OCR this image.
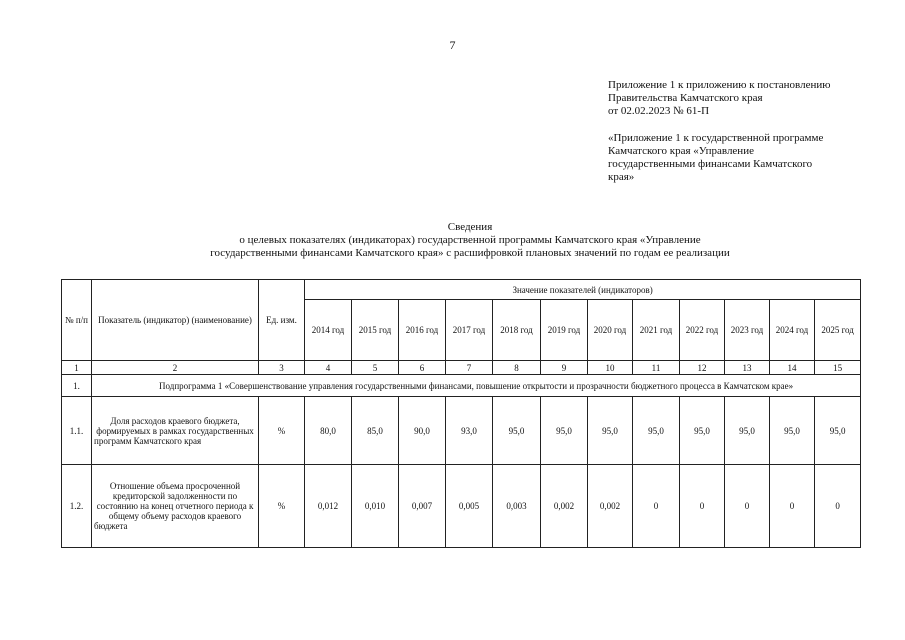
7
Приложение 1 к приложению к постановлению
Правительства Камчатского края
от 02.02.2023 № 61-П
«Приложение 1 к государственной программе
Камчатского края «Управление
государственными финансами Камчатского
края»
Сведения
о целевых показателях (индикаторах) государственной программы Камчатского края «Управление
государственными финансами Камчатского края» с расшифровкой плановых значений по годам ее реализации
№ п/п	Показатель (индикатор) (наименование)	Ед. изм.	Значение показателей (индикаторов)											
			2014 год	2015 год	2016 год	2017 год	2018 год	2019 год	2020 год	2021 год	2022 год	2023 год	2024 год	2025 год
1	2	3	4	5	6	7	8	9	10	11	12	13	14	15
1.	Подпрограмма 1 «Совершенствование управления государственными финансами, повышение открытости и прозрачности бюджетного процесса в Камчатском крае»													
1.1.	Доля расходов краевого бюджета, формируемых в рамках государственных программ Камчатского края	%	80,0	85,0	90,0	93,0	95,0	95,0	95,0	95,0	95,0	95,0	95,0	95,0
1.2.	Отношение объема просроченной кредиторской задолженности по состоянию на конец отчетного периода к общему объему расходов краевого бюджета	%	0,012	0,010	0,007	0,005	0,003	0,002	0,002	0	0	0	0	0
